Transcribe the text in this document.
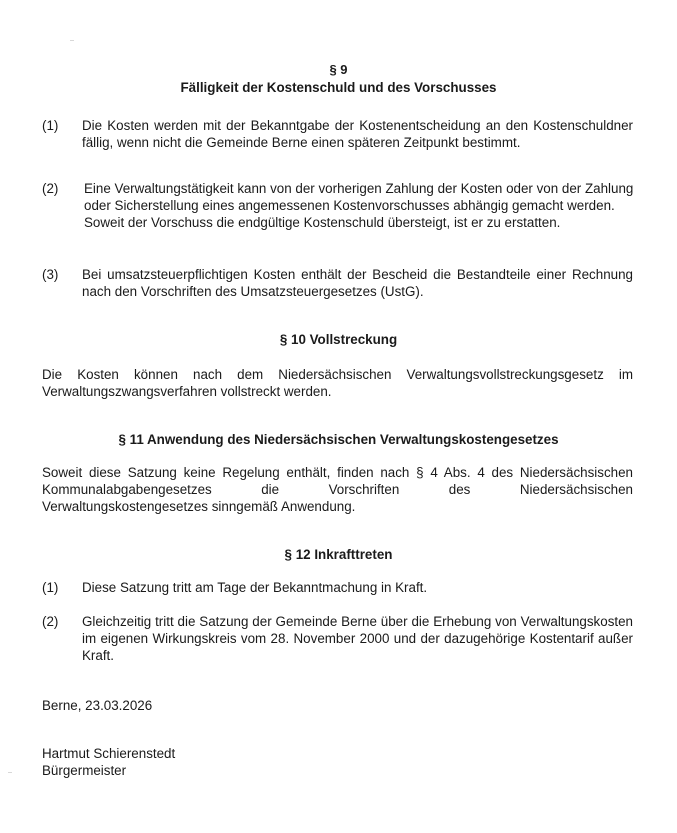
§ 9
Fälligkeit der Kostenschuld und des Vorschusses
(1) Die Kosten werden mit der Bekanntgabe der Kostenentscheidung an den Kostenschuldner fällig, wenn nicht die Gemeinde Berne einen späteren Zeitpunkt bestimmt.
(2) Eine Verwaltungstätigkeit kann von der vorherigen Zahlung der Kosten oder von der Zahlung oder Sicherstellung eines angemessenen Kostenvorschusses abhängig gemacht werden. Soweit der Vorschuss die endgültige Kostenschuld übersteigt, ist er zu erstatten.
(3) Bei umsatzsteuerpflichtigen Kosten enthält der Bescheid die Bestandteile einer Rechnung nach den Vorschriften des Umsatzsteuergesetzes (UstG).
§ 10 Vollstreckung
Die Kosten können nach dem Niedersächsischen Verwaltungsvollstreckungsgesetz im Verwaltungszwangsverfahren vollstreckt werden.
§ 11 Anwendung des Niedersächsischen Verwaltungskostengesetzes
Soweit diese Satzung keine Regelung enthält, finden nach § 4 Abs. 4 des Niedersächsischen
Kommunalabgabengesetzes die Vorschriften des Niedersächsischen
Verwaltungskostengesetzes sinngemäß Anwendung.
§ 12 Inkrafttreten
(1) Diese Satzung tritt am Tage der Bekanntmachung in Kraft.
(2) Gleichzeitig tritt die Satzung der Gemeinde Berne über die Erhebung von Verwaltungskosten im eigenen Wirkungskreis vom 28. November 2000 und der dazugehörige Kostentarif außer Kraft.
Berne, 23.03.2026
Hartmut Schierenstedt
Bürgermeister
